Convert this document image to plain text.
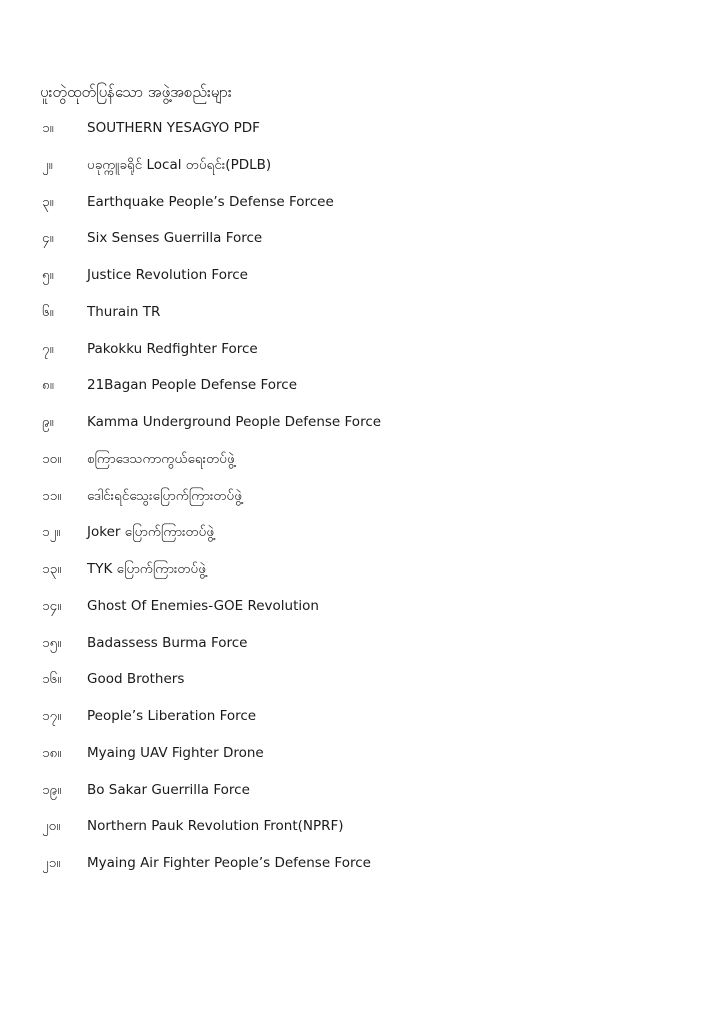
ပူးတွဲထုတ်ပြန်သော အဖွဲ့အစည်းများ
၁။ SOUTHERN YESAGYO PDF
၂။	ပခုက္ကူခရိုင် Local တပ်ရင်း(PDLB)
၃။ Earthquake People’s Defense Forcee
၄။ Six Senses Guerrilla Force
၅။ Justice Revolution Force
၆။ Thurain TR
၇။ Pakokku Redfighter Force
၈။ 21Bagan People Defense Force
၉။ Kamma Underground People Defense Force
၁၀။ စကြာဒေသကာကွယ်ရေးတပ်ဖွဲ့
၁၁။ ဒေါင်းရင်သွေးပြောက်ကြားတပ်ဖွဲ့
၁၂။ Joker ပြောက်ကြားတပ်ဖွဲ့
၁၃။ TYK ပြောက်ကြားတပ်ဖွဲ့
၁၄။ Ghost Of Enemies-GOE Revolution
၁၅။ Badassess Burma Force
၁၆။ Good Brothers
၁၇။ People’s Liberation Force
၁၈။ Myaing UAV Fighter Drone
၁၉။ Bo Sakar Guerrilla Force
၂၀။ Northern Pauk Revolution Front(NPRF)
၂၁။ Myaing Air Fighter People’s Defense Force
